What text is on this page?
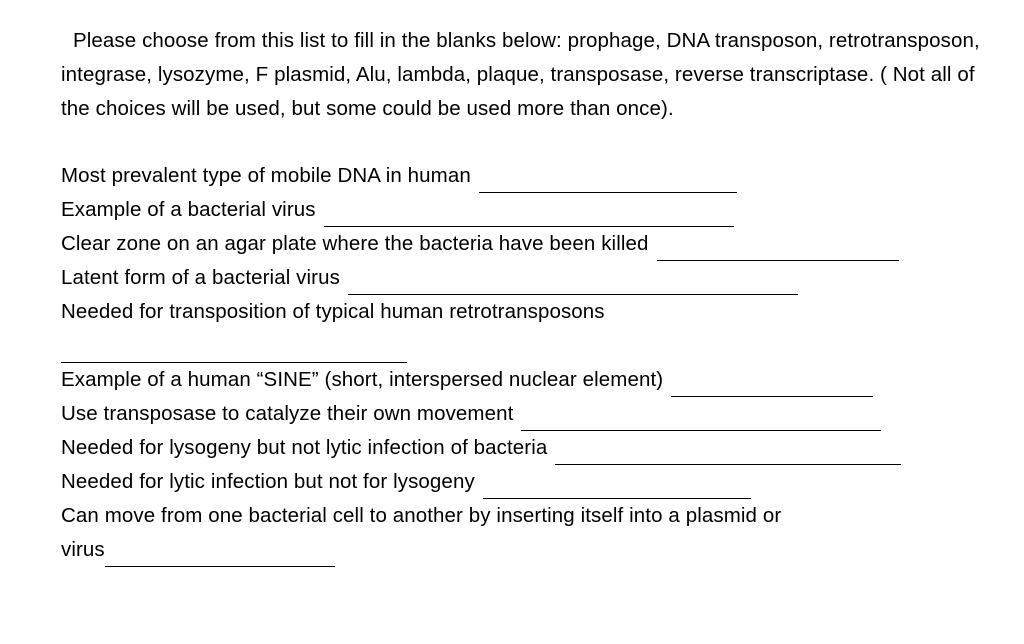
Please choose from this list to fill in the blanks below: prophage, DNA transposon, retrotransposon, integrase, lysozyme, F plasmid, Alu, lambda, plaque, transposase, reverse transcriptase. ( Not all of the choices will be used, but some could be used more than once).

Most prevalent type of mobile DNA in human
Example of a bacterial virus
Clear zone on an agar plate where the bacteria have been killed
Latent form of a bacterial virus
Needed for transposition of typical human retrotransposons
Example of a human “SINE” (short, interspersed nuclear element)
Use transposase to catalyze their own movement
Needed for lysogeny but not lytic infection of bacteria
Needed for lytic infection but not for lysogeny
Can move from one bacterial cell to another by inserting itself into a plasmid or
virus
